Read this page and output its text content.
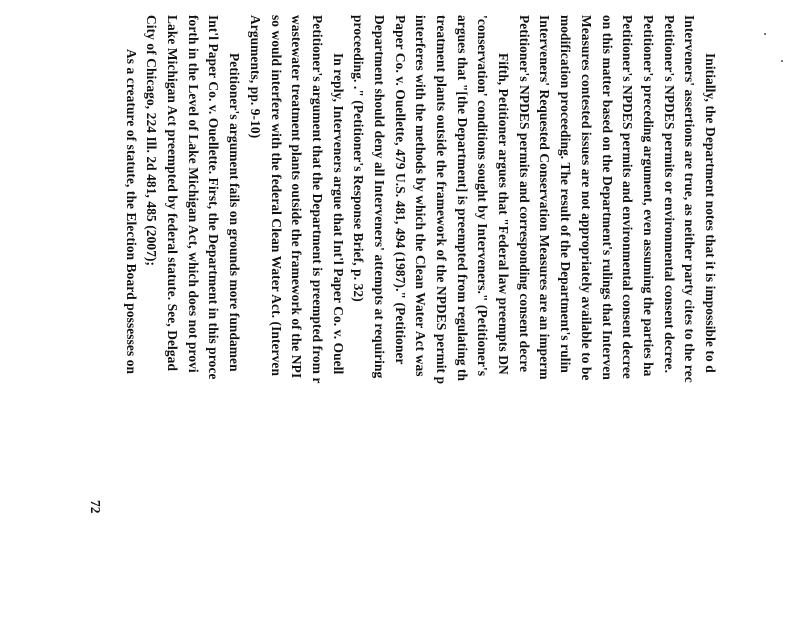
Initially, the Department notes that it is impossible to d
Interveners' assertions are true, as neither party cites to the rec
Petitioner's NPDES permits or environmental consent decree.
Petitioner's preceding argument, even assuming the parties ha
Petitioner's NPDES permits and environmental consent decree
on this matter based on the Department's rulings that Interven
Measures contested issues are not appropriately available to be
modification proceeding. The result of the Department's rulin
Interveners' Requested Conservation Measures are an imperm
Petitioner's NPDES permits and corresponding consent decre
Fifth, Petitioner argues that "Federal law preempts DN
'conservation' conditions sought by Interveners." (Petitioner's
argues that "[the Department] is preempted from regulating th
treatment plants outside the framework of the NPDES permit p
interferes with the methods by which the Clean Water Act was
Paper Co. v. Ouellette, 479 U.S. 481, 494 (1987)." (Petitioner
Department should deny all Interveners' attempts at requiring
proceeding. ." (Petitioner's Response Brief, p. 32)
In reply, Interveners argue that Int'l Paper Co. v. Ouell
Petitioner's argument that the Department is preempted from r
wastewater treatment plants outside the framework of the NPI
so would interfere with the federal Clean Water Act. (Interven
Arguments, pp. 9-10)
Petitioner's argument fails on grounds more fundamen
Int'l Paper Co. v. Ouellette. First, the Department in this proce
forth in the Level of Lake Michigan Act, which does not provi
Lake Michigan Act preempted by federal statute. See, Delgad
City of Chicago, 224 Ill. 2d 481, 485 (2007);
As a creature of statute, the Election Board possesses on
72
